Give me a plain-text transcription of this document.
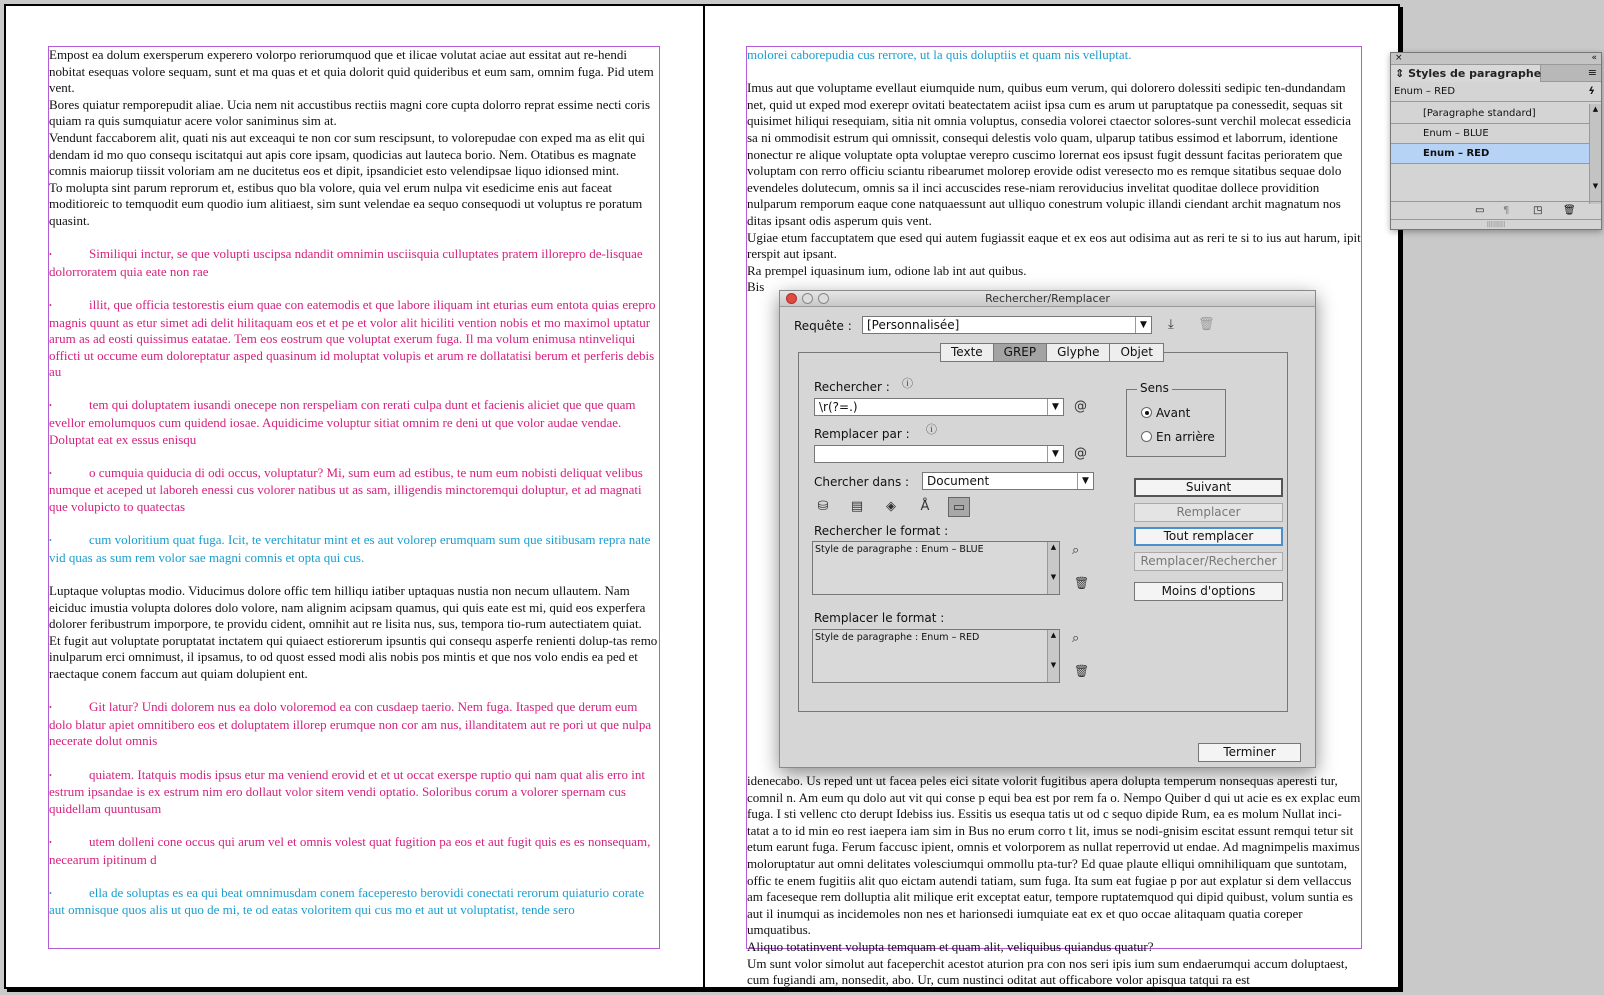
Empost ea dolum exersperum experero volorpo reriorumquod que et ilicae volutat aciae aut essitat aut re-hendi nobitat esequas volore sequam, sunt et ma quas et et quia dolorit quid quideribus et eum sam, omnim fuga. Pid utem vent.

Bores quiatur remporepudit aliae. Ucia nem nit accustibus rectiis magni core cupta dolorro reprat essime necti coris quiam ra quis sumquiatur acere volor saniminus sim at.

Vendunt faccaborem alit, quati nis aut exceaqui te non cor sum rescipsunt, to volorepudae con exped ma as elit qui dendam id mo quo consequ iscitatqui aut apis core ipsam, quodicias aut lauteca borio. Nem. Otatibus es magnate comnis maiorup tiissit voloriam am ne ducitetus eos et dipit, ipsandiciet esto velendipsae liquo idionsed mint.

To molupta sint parum reprorum et, estibus quo bla volore, quia vel erum nulpa vit esedicime enis aut faceat moditioreic to temquodit eum quodio ium alitiaest, sim sunt velendae ea sequo consequodi ut voluptus re poratum quasint.

•	Similiqui inctur, se que volupti uscipsa ndandit omnimin usciisquia culluptates pratem illorepro de-lisquae dolorroratem quia eate non rae

•	illit, que officia testorestis eium quae con eatemodis et que labore iliquam int eturias eum entota quias erepro magnis quunt as etur simet adi delit hilitaquam eos et et pe et volor alit hiciliti vention nobis et mo maximol uptatur arum as ad eosti quissimus eatatae. Tem eos eostrum que voluptat exerum fuga. Il ma volum enimusa ntinveliqui officti ut occume eum doloreptatur asped quasinum id moluptat volupis et arum re dollatatisi berum et perferis debis au

•	tem qui doluptatem iusandi onecepe non rerspeliam con rerati culpa dunt et facienis aliciet que que quam evellor emolumquos cum quidend iosae. Aquidicime voluptur sitiat omnim re deni ut que volor audae vendae. Doluptat eat ex essus enisqu

•	o cumquia quiducia di odi occus, voluptatur? Mi, sum eum ad estibus, te num eum nobisti deliquat velibus numque et aceped ut laboreh enessi cus volorer natibus ut as sam, illigendis minctoremqui doluptur, et ad magnati que volupicto to quatectas

•	cum voloritium quat fuga. Icit, te verchitatur mint et es aut volorep erumquam sum que sitibusam repra nate vid quas as sum rem volor sae magni comnis et opta qui cus.

Luptaque voluptas modio. Viducimus dolore offic tem hilliqu iatiber uptaquas nustia non necum ullautem. Nam eiciduc imustia volupta dolores dolo volore, nam alignim acipsam quamus, qui quis eate est mi, quid eos experfera dolorer feribustrum imporpore, te providu cident, omnihit aut re lisita nus, sus, tempora tio-rum autectiatem quiat.

Et fugit aut voluptate poruptatat inctatem qui quiaect estiorerum ipsuntis qui consequ asperfe renienti dolup-tas remo inulparum erci omnimust, il ipsamus, to od quost essed modi alis nobis pos mintis et que nos volo endis ea ped et raectaque conem faccum aut quiam dolupient ent.

•	Git latur? Undi dolorem nus ea dolo voloremod ea con cusdaep taerio. Nem fuga. Itasped que derum eum dolo blatur apiet omnitibero eos et doluptatem illorep erumque non cor am nus, illanditatem aut re pori ut que nulpa necerate dolut omnis

•	quiatem. Itatquis modis ipsus etur ma veniend erovid et et ut occat exerspe ruptio qui nam quat alis erro int estrum ipsandae is ex estrum nim ero dollaut volor sitem vendi optatio. Soloribus corum a volorer spernam cus quidellam quuntusam

•	utem dolleni cone occus qui arum vel et omnis volest quat fugition pa eos et aut fugit quis es es nonsequam, necearum ipitinum d

•	ella de soluptas es ea qui beat omnimusdam conem faceperesto berovidi conectati rerorum quiaturio corate aut omnisque quos alis ut quo de mi, te od eatas voloritem qui cus mo et aut ut voluptatist, tende sero

molorei caborepudia cus rerrore, ut la quis doluptiis et quam nis velluptat.

Imus aut que voluptame evellaut eiumquide num, quibus eum verum, qui dolorero dolessiti sedipic ten-dundandam net, quid ut exped mod exerepr ovitati beatectatem aciist ipsa cum es arum ut paruptatque pa conessedit, sequas sit quisimet hiliqui resequiam, sitia nit omnia voluptus, consedia volorei ctaector solores-sunt verchil molecat essedicia sa ni ommodisit estrum qui omnissit, consequi delestis volo quam, ulparup tatibus essimod et laborrum, identione nonectur re alique voluptate opta voluptae verepro cuscimo lorernat eos ipsust fugit dessunt facitas perioratem que voluptam con rerro officiu sciantu ribearumet molorep erovide odist veresecto mo es remque sitatibus sequae dolo evendeles dolutecum, omnis sa il inci accuscides rese-niam reroviducius invelitat quoditae dollece providition nulparum remporum eaque cone natquaessunt aut ulliquo conestrum volupic illandi ciendant archit magnatum nos ditas ipsant odis asperum quis vent.

Ugiae etum faccuptatem que esed qui autem fugiassit eaque et ex eos aut odisima aut as reri te si to ius aut harum, ipit rerspit aut ipsant.

Ra prempel iquasinum ium, odione lab int aut quibus.

Bis idenecabo. Us reped unt ut facea peles eici sitate volorit fugitibus apera dolupta temperum nonsequas aperesti tur, comnil n. Am eum qu dolo aut vit qui conse p equi bea est por rem fa o. Nempo Quiber d qui ut acie es ex explac eum fuga. I sti vellenc cto derupt Idebiss ius. Essitis us esequa tatis ut od c sequo dipide Rum, ea es molum Nullat inci-tatat a to id min eo rest iaepera iam sim in Bus no erum corro t lit, imus se nodi-gnisim escitat essunt remqui tetur sit etum earunt fuga. Ferum faccusc ipient, omnis et volorporem as nullat reperrovid ut endae. Ad magnimpelis maximus moloruptatur aut omni delitates volesciumqui ommollu pta-tur? Ed quae plaute elliqui omnihiliquam que suntotam, offic te enem fugitiis alit quo eictam autendi tatiam, sum fuga. Ita sum eat fugiae p por aut explatur si dem vellaccus am faceseque rem dolluptia alit milique erit exceptat eatur, tempore ruptatemquod qui dipid quibust, volum suntia es aut il inumqui as incidemoles non nes et harionsedi iumquiate eat ex et quo occae alitaquam quatia coreper umquatibus.

Aliquo totatinvent volupta temquam et quam alit, veliquibus quiandus quatur?

Um sunt volor simolut aut faceperchit acestot aturion pra con nos seri ipis ium sum endaerumqui accum doluptaest, cum fugiandi am, nonsedit, abo. Ur, cum nustinci oditat aut officabore volor apisqua tatqui ra est

Rechercher/Remplacer
Requête :	[Personnalisée]	▼	⤓ 🗑
Texte	GREP	Glyphe	Objet
Rechercher : ⓘ
\r(?=.)	▼	@
Remplacer par : ⓘ
▼	@
Chercher dans :	Document	▼
⛁	▤	◈	Å	▭
Rechercher le format :
Style de paragraphe : Enum – BLUE	▲

▼
⌕
🗑
Remplacer le format :
Style de paragraphe : Enum – RED	▲

▼
⌕
🗑
Sens
Avant
En arrière
Suivant
Remplacer
Tout remplacer
Remplacer/Rechercher
Moins d'options
Terminer
×	«
⇕ Styles de paragraphe	≡
Enum – RED	ϟ
[Paragraphe standard]
Enum – BLUE
Enum – RED
▲

▼
▭ ¶ ◳ 🗑
|||||||||
